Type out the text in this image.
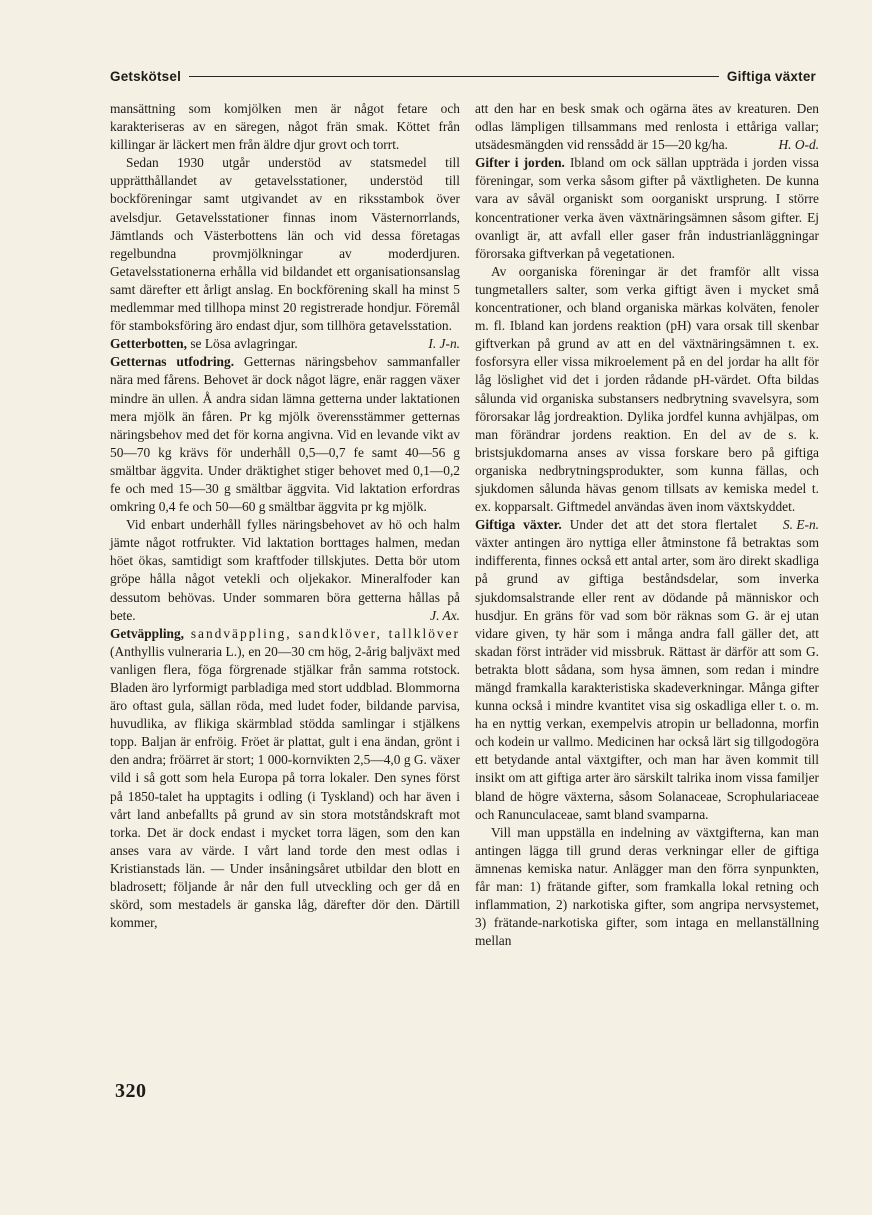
Getskötsel	Giftiga växter

mansättning som komjölken men är något fetare och karakteriseras av en säregen, något frän smak. Köttet från killingar är läckert men från äldre djur grovt och torrt.

Sedan 1930 utgår understöd av statsmedel till upprätthållandet av getavelsstationer, understöd till bockföreningar samt utgivandet av en riksstambok över avelsdjur. Getavelsstationer finnas inom Västernorrlands, Jämtlands och Västerbottens län och vid dessa företagas regelbundna provmjölkningar av moderdjuren. Getavelsstationerna erhålla vid bildandet ett organisationsanslag samt därefter ett årligt anslag. En bockförening skall ha minst 5 medlemmar med tillhopa minst 20 registrerade hondjur. Föremål för stamboksföring äro endast djur, som tillhöra getavelsstation.
I. J-n.

Getterbotten, se Lösa avlagringar.

Getternas utfodring. Getternas näringsbehov sammanfaller nära med fårens. Behovet är dock något lägre, enär raggen växer mindre än ullen. Å andra sidan lämna getterna under laktationen mera mjölk än fåren. Pr kg mjölk överensstämmer getternas näringsbehov med det för korna angivna. Vid en levande vikt av 50—70 kg krävs för underhåll 0,5—0,7 fe samt 40—56 g smältbar äggvita. Under dräktighet stiger behovet med 0,1—0,2 fe och med 15—30 g smältbar äggvita. Vid laktation erfordras omkring 0,4 fe och 50—60 g smältbar äggvita pr kg mjölk.

Vid enbart underhåll fylles näringsbehovet av hö och halm jämte något rotfrukter. Vid laktation borttages halmen, medan höet ökas, samtidigt som kraftfoder tillskjutes. Detta bör utom gröpe hålla något vetekli och oljekakor. Mineralfoder kan dessutom behövas. Under sommaren böra getterna hållas på bete.	J. Ax.

Getväppling, sandväppling, sandklöver, tallklöver (Anthyllis vulneraria L.), en 20—30 cm hög, 2-årig baljväxt med vanligen flera, föga förgrenade stjälkar från samma rotstock. Bladen äro lyrformigt parbladiga med stort uddblad. Blommorna äro oftast gula, sällan röda, med ludet foder, bildande parvisa, huvudlika, av flikiga skärmblad stödda samlingar i stjälkens topp. Baljan är enfröig. Fröet är plattat, gult i ena ändan, grönt i den andra; fröärret är stort; 1 000-kornvikten 2,5—4,0 g G. växer vild i så gott som hela Europa på torra lokaler. Den synes först på 1850-talet ha upptagits i odling (i Tyskland) och har även i vårt land anbefallts på grund av sin stora motståndskraft mot torka. Det är dock endast i mycket torra lägen, som den kan anses vara av värde. I vårt land torde den mest odlas i Kristianstads län. — Under insåningsåret utbildar den blott en bladrosett; följande år når den full utveckling och ger då en skörd, som mestadels är ganska låg, därefter dör den. Därtill kommer,

att den har en besk smak och ogärna ätes av kreaturen. Den odlas lämpligen tillsammans med renlosta i ettåriga vallar; utsädesmängden vid renssådd är 15—20 kg/ha.	H. O-d.

Gifter i jorden. Ibland om ock sällan uppträda i jorden vissa föreningar, som verka såsom gifter på växtligheten. De kunna vara av såväl organiskt som oorganiskt ursprung. I större koncentrationer verka även växtnäringsämnen såsom gifter. Ej ovanligt är, att avfall eller gaser från industrianläggningar förorsaka giftverkan på vegetationen.

Av oorganiska föreningar är det framför allt vissa tungmetallers salter, som verka giftigt även i mycket små koncentrationer, och bland organiska märkas kolväten, fenoler m. fl. Ibland kan jordens reaktion (pH) vara orsak till skenbar giftverkan på grund av att en del växtnäringsämnen t. ex. fosforsyra eller vissa mikroelement på en del jordar ha allt för låg löslighet vid det i jorden rådande pH-värdet. Ofta bildas sålunda vid organiska substansers nedbrytning svavelsyra, som förorsakar låg jordreaktion. Dylika jordfel kunna avhjälpas, om man förändrar jordens reaktion. En del av de s. k. bristsjukdomarna anses av vissa forskare bero på giftiga organiska nedbrytningsprodukter, som kunna fällas, och sjukdomen sålunda hävas genom tillsats av kemiska medel t. ex. kopparsalt. Giftmedel användas även inom växtskyddet.
S. E-n.

Giftiga växter. Under det att det stora flertalet växter antingen äro nyttiga eller åtminstone få betraktas som indifferenta, finnes också ett antal arter, som äro direkt skadliga på grund av giftiga beståndsdelar, som inverka sjukdomsalstrande eller rent av dödande på människor och husdjur. En gräns för vad som bör räknas som G. är ej utan vidare given, ty här som i många andra fall gäller det, att skadan först inträder vid missbruk. Rättast är därför att som G. betrakta blott sådana, som hysa ämnen, som redan i mindre mängd framkalla karakteristiska skadeverkningar. Många gifter kunna också i mindre kvantitet visa sig oskadliga eller t. o. m. ha en nyttig verkan, exempelvis atropin ur belladonna, morfin och kodein ur vallmo. Medicinen har också lärt sig tillgodogöra ett betydande antal växtgifter, och man har även kommit till insikt om att giftiga arter äro särskilt talrika inom vissa familjer bland de högre växterna, såsom Solanaceae, Scrophulariaceae och Ranunculaceae, samt bland svamparna.

Vill man uppställa en indelning av växtgifterna, kan man antingen lägga till grund deras verkningar eller de giftiga ämnenas kemiska natur. Anlägger man den förra synpunkten, får man: 1) frätande gifter, som framkalla lokal retning och inflammation, 2) narkotiska gifter, som angripa nervsystemet, 3) frätande-narkotiska gifter, som intaga en mellanställning mellan

320
